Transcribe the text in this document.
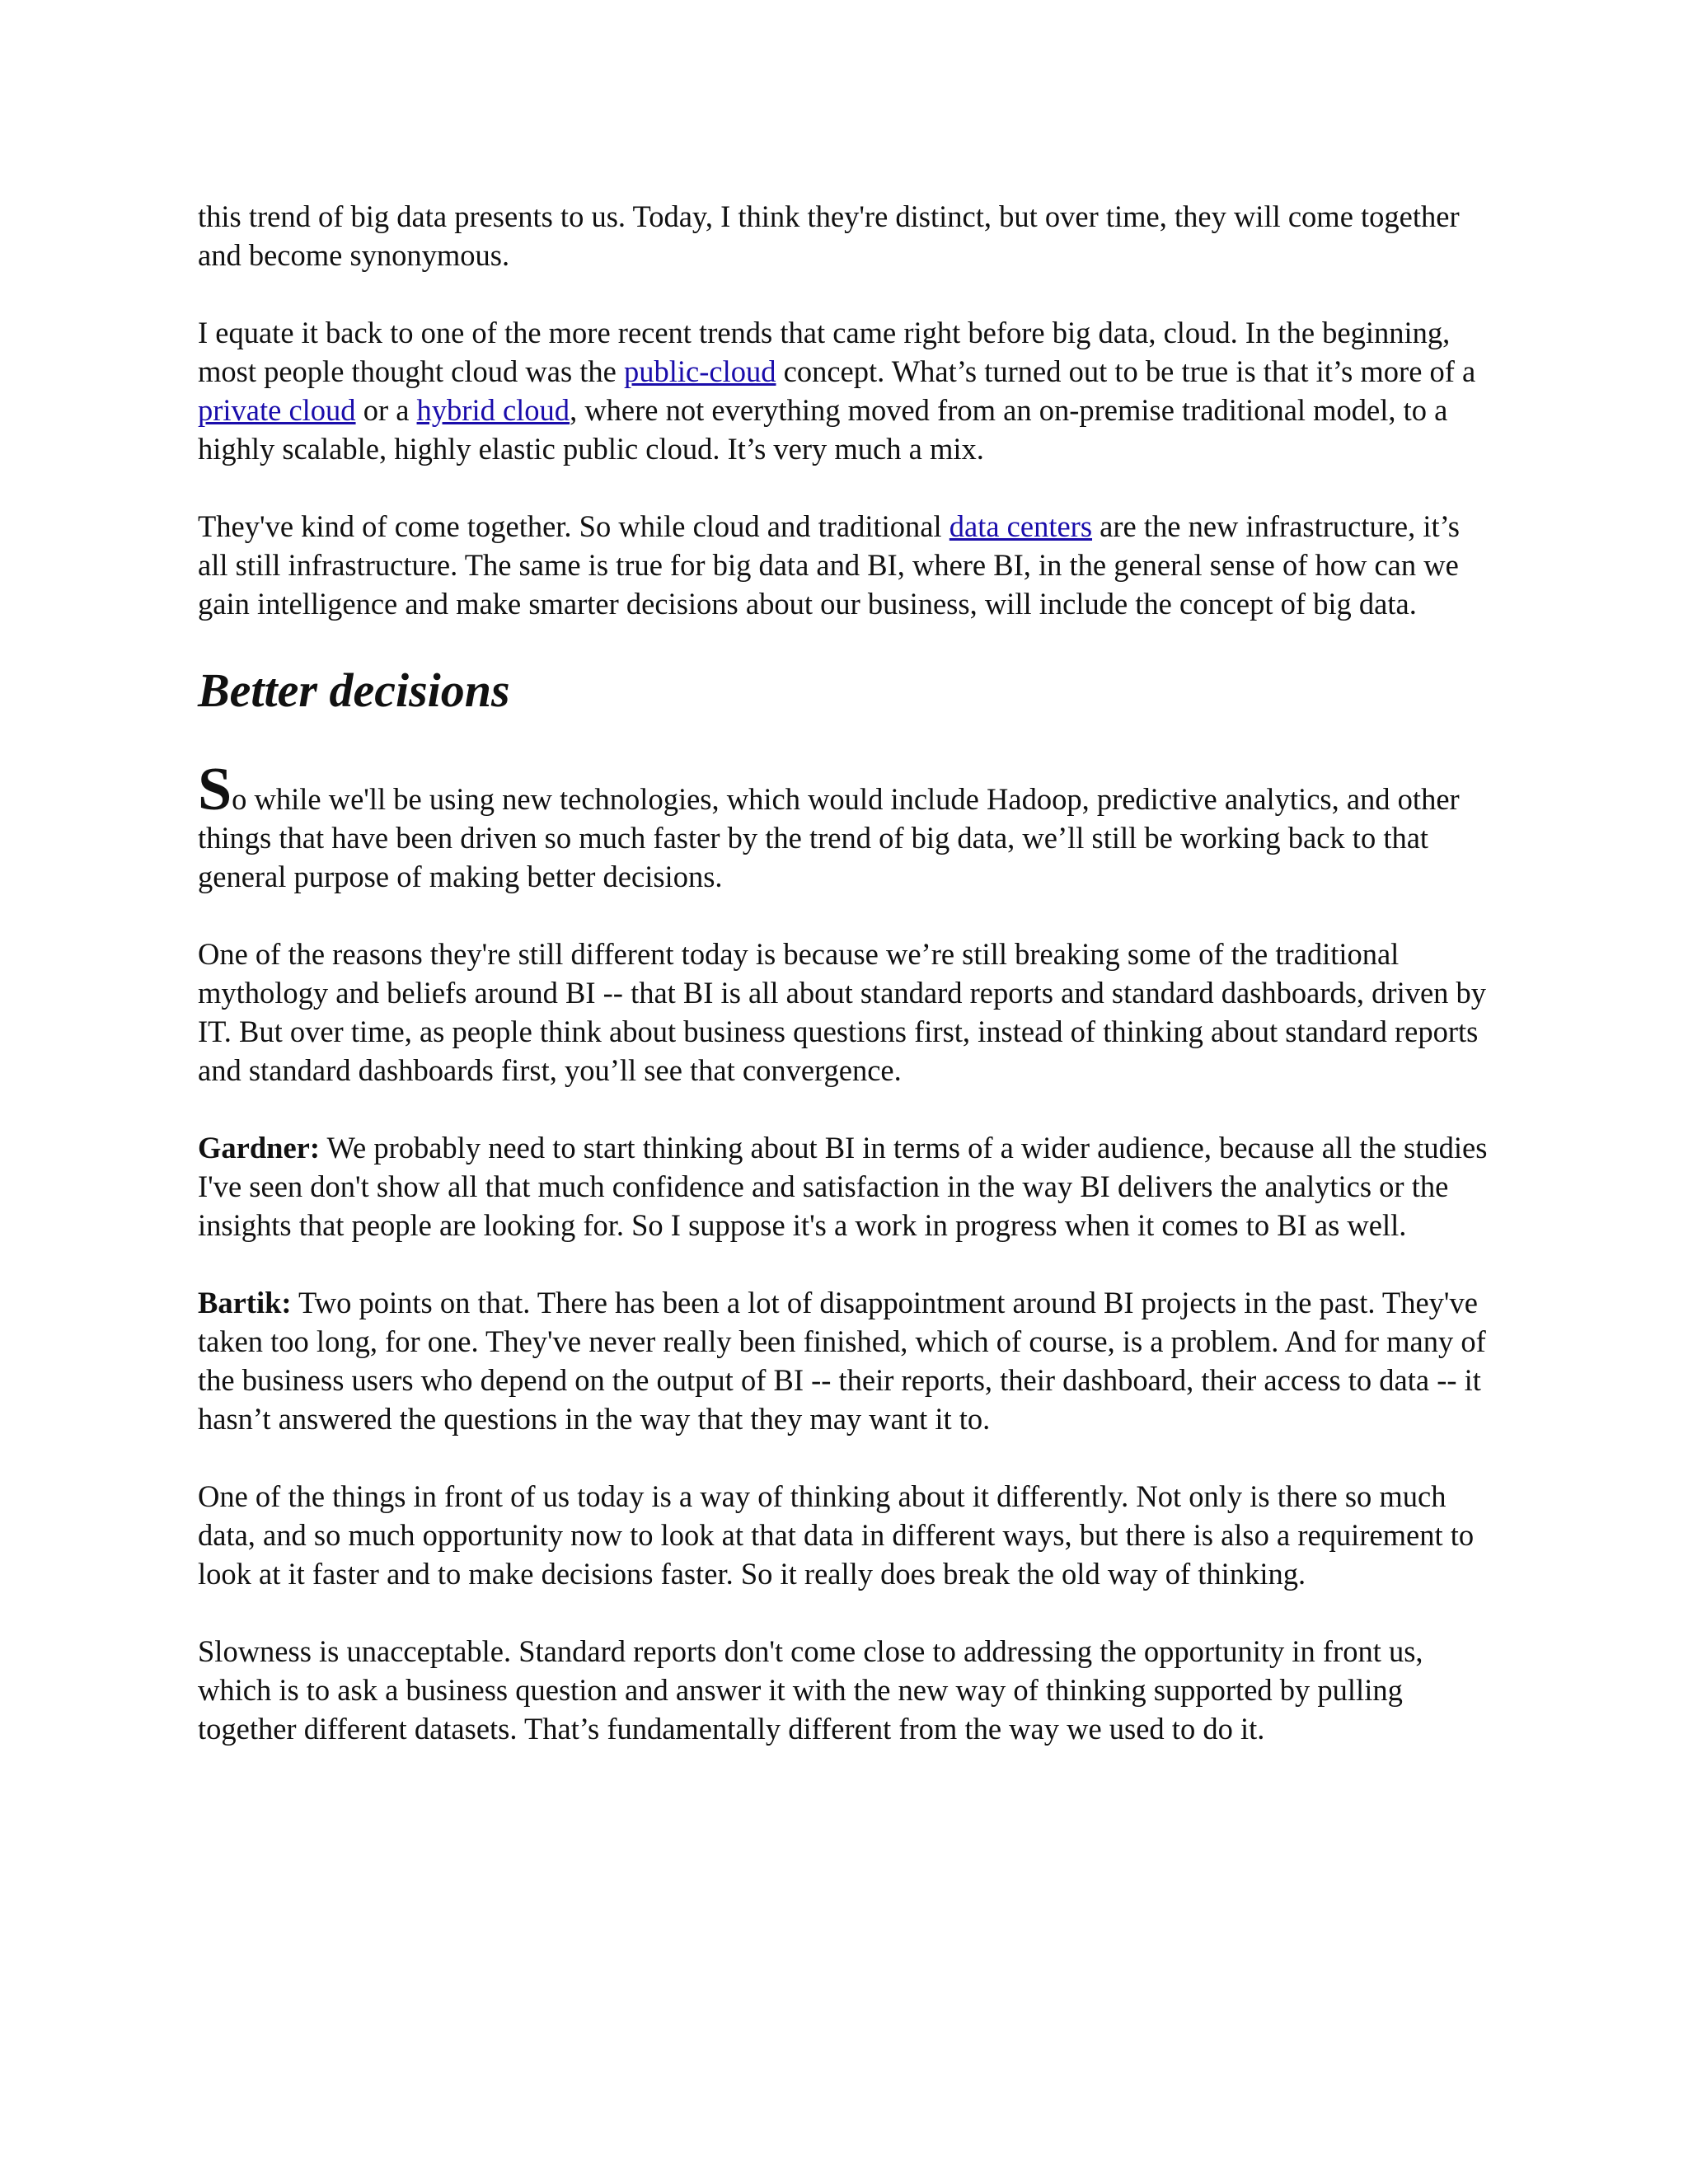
this trend of big data presents to us. Today, I think they're distinct, but over time, they will come together and become synonymous.

I equate it back to one of the more recent trends that came right before big data, cloud. In the beginning, most people thought cloud was the public-cloud concept. What’s turned out to be true is that it’s more of a private cloud or a hybrid cloud, where not everything moved from an on-premise traditional model, to a highly scalable, highly elastic public cloud. It’s very much a mix.

They've kind of come together. So while cloud and traditional data centers are the new infrastructure, it’s all still infrastructure. The same is true for big data and BI, where BI, in the general sense of how can we gain intelligence and make smarter decisions about our business, will include the concept of big data.

Better decisions

So while we'll be using new technologies, which would include Hadoop, predictive analytics, and other things that have been driven so much faster by the trend of big data, we’ll still be working back to that general purpose of making better decisions.

One of the reasons they're still different today is because we’re still breaking some of the traditional mythology and beliefs around BI -- that BI is all about standard reports and standard dashboards, driven by IT. But over time, as people think about business questions first, instead of thinking about standard reports and standard dashboards first, you’ll see that convergence.

Gardner: We probably need to start thinking about BI in terms of a wider audience, because all the studies I've seen don't show all that much confidence and satisfaction in the way BI delivers the analytics or the insights that people are looking for. So I suppose it's a work in progress when it comes to BI as well.

Bartik: Two points on that. There has been a lot of disappointment around BI projects in the past. They've taken too long, for one. They've never really been finished, which of course, is a problem. And for many of the business users who depend on the output of BI -- their reports, their dashboard, their access to data -- it hasn’t answered the questions in the way that they may want it to.

One of the things in front of us today is a way of thinking about it differently. Not only is there so much data, and so much opportunity now to look at that data in different ways, but there is also a requirement to look at it faster and to make decisions faster. So it really does break the old way of thinking.

Slowness is unacceptable. Standard reports don't come close to addressing the opportunity in front us, which is to ask a business question and answer it with the new way of thinking supported by pulling together different datasets. That’s fundamentally different from the way we used to do it.
